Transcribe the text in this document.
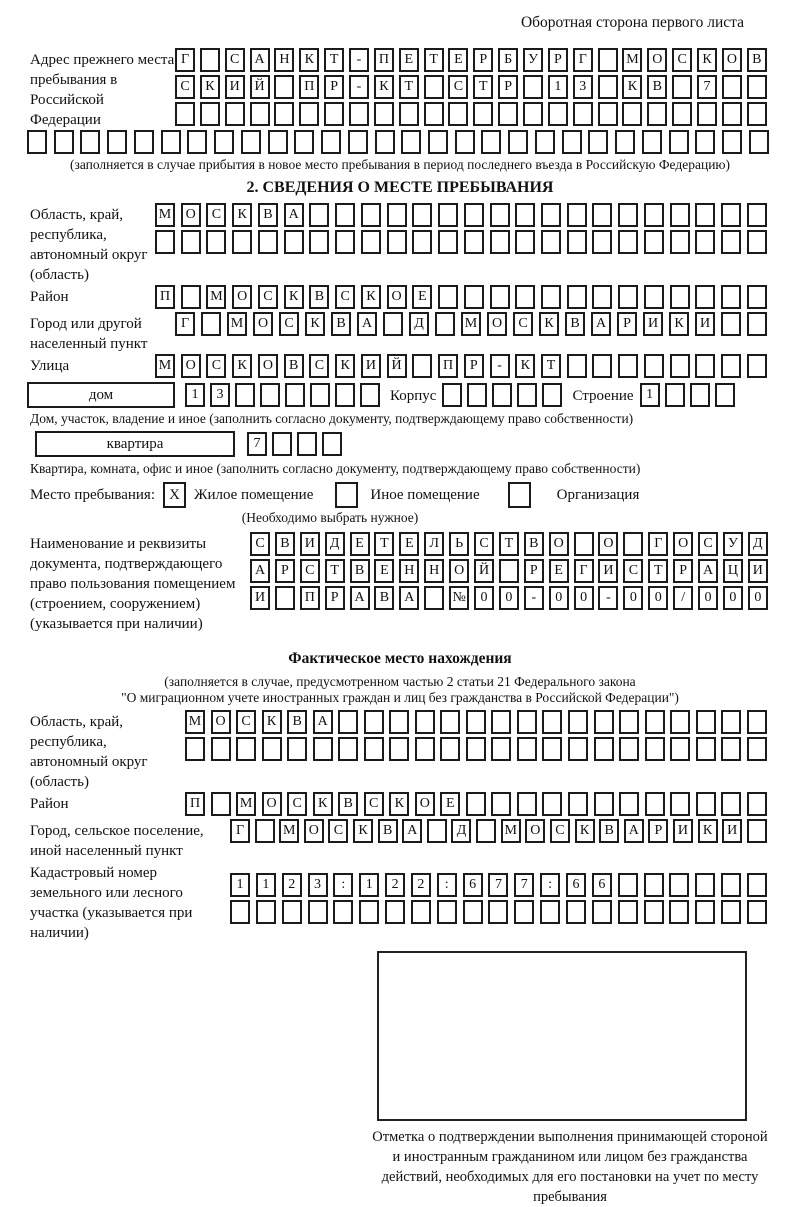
Оборотная сторона первого листа
Адрес прежнего места пребывания в Российской Федерации
Г	С	А	Н	К	Т	-	П	Е	Т	Е	Р	Б	У	Р	Г	М О	С	К	О	В
С	К	И	Й	П	Р	-	К	Т	С	Т	Р	1	3	К	В	7
(заполняется в случае прибытия в новое место пребывания в период последнего въезда в Российскую Федерацию)
2. СВЕДЕНИЯ О МЕСТЕ ПРЕБЫВАНИЯ
Область, край, республика, автономный округ (область)
М	О	С	К	В	А
Район	П	М	О	С	К	В	С	К	О	Е
Город или другой населенный пункт
Г	М	О	С	К	В	А	Д	М	О	С	К	В	А	Р	И	К	И
Улица	М	О	С	К	О	В	С	К	И	Й	П	Р	-	К	Т
дом	1	3	Корпус	Строение 1
Дом, участок, владение и иное (заполнить согласно документу, подтверждающему право собственности)
квартира	7
Квартира, комната, офис и иное (заполнить согласно документу, подтверждающему право собственности)
Место пребывания: X Жилое помещение	Иное помещение	Организация
(Необходимо выбрать нужное)
Наименование и реквизиты документа, подтверждающего право пользования помещением (строением, сооружением) (указывается при наличии)
С	В	И	Д	Е	Т	Е	Л	Ь	С	Т	В	О	О	Г	О	С	У	Д
А	Р	С	Т	В	Е	Н	Н	О	Й	Р	Е	Г	И	С	Т	Р	А	Ц	И
И	П	Р	А	В	А	№	0	0	-	0	0	-	0	0	/	0	0	0
Фактическое место нахождения
(заполняется в случае, предусмотренном частью 2 статьи 21 Федерального закона
"О миграционном учете иностранных граждан и лиц без гражданства в Российской Федерации")
Область, край, республика, автономный округ (область)
М	О	С	К	В	А
Район	П	М	О	С	К	В	С	К	О	Е
Город, сельское поселение, иной населенный пункт
Г	М О	С	К	В	А	Д	М О	С	К	В	А	Р	И	К	И
Кадастровый номер земельного или лесного участка (указывается при наличии)
1	1	2	3	:	1	2	2	:	6	7	7	:	6	6
Отметка о подтверждении выполнения принимающей стороной и иностранным гражданином или лицом без гражданства действий, необходимых для его постановки на учет по месту пребывания
